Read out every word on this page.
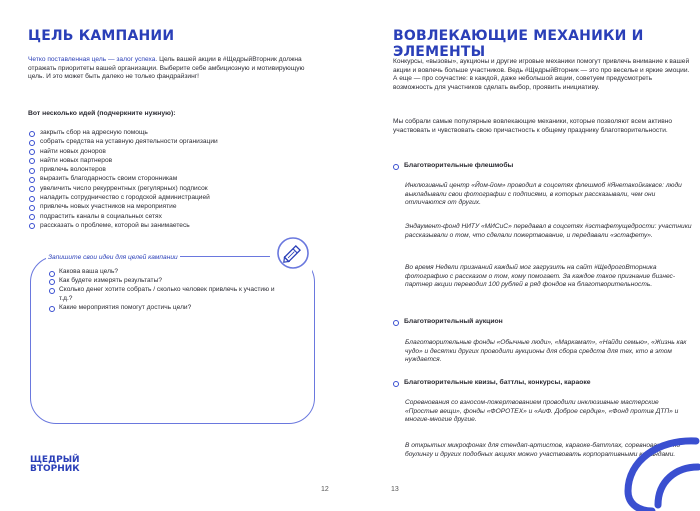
ЦЕЛЬ КАМПАНИИ
Четко поставленная цель — залог успеха. Цель вашей акции в #ЩедрыйВторник должна отражать приоритеты вашей организации. Выберите себе амбициозную и мотивирующую цель. И это может быть далеко не только фандрайзинг!
Вот несколько идей (подчеркните нужную):
закрыть сбор на адресную помощь
собрать средства на уставную деятельности организации
найти новых доноров
найти новых партнеров
привлечь волонтеров
выразить благодарность своим сторонникам
увеличить число рекуррентных (регулярных) подписок
наладить сотрудничество с городской администрацией
привлечь новых участников на мероприятие
подрастить каналы в социальных сетях
рассказать о проблеме, которой вы занимаетесь
Запишите свои идеи для целей кампании
Какова ваша цель?
Как будете измерять результаты?
Сколько денег хотите собрать / сколько человек привлечь к участию и т.д.?
Какие мероприятия помогут достичь цели?
ЩЕДРЫЙ
ВТОРНИК
12
ВОВЛЕКАЮЩИЕ МЕХАНИКИ И ЭЛЕМЕНТЫ
Конкурсы, «вызовы», аукционы и другие игровые механики помогут привлечь внимание к вашей акции и вовлечь больше участников. Ведь #ЩедрыйВторник — это про веселье и яркие эмоции. А еще — про соучастие: в каждой, даже небольшой акции, советуем предусмотреть возможность для участников сделать выбор, проявить инициативу.
Мы собрали самые популярные вовлекающие механики, которые позволяют всем активно участвовать и чувствовать свою причастность к общему празднику благотворительности.
Благотворительные флешмобы
Инклюзивный центр «Йом-йом» проводил в соцсетях флешмоб #Янетакойкаквсе: люди выкладывали свои фотографии с подписями, в которых рассказывали, чем они отличаются от других.
Эндаумент-фонд НИТУ «МИСиС» передавал в соцсетях #эстафетущедрости: участники рассказывали о том, что сделали пожертвование, и передавали «эстафету».
Во время Недели признаний каждый мог загрузить на сайт #ЩедрогоВторника фотографию с рассказом о том, кому помогает. За каждое такое признание бизнес-партнер акции переводил 100 рублей в ряд фондов на благотворительность.
Благотворительный аукцион
Благотворительные фонды «Обычные люди», «Маркамат», «Найди семью», «Жизнь как чудо» и десятки других проводили аукционы для сбора средств для тех, кто в этом нуждается.
Благотворительные квизы, баттлы, конкурсы, караоке
Соревнования со взносом-пожертвованием проводили инклюзивные мастерские «Простые вещи», фонды «ФОРОТЕХ» и «АиФ. Доброе сердце», «Фонд против ДТП» и многие-многие другие.
В открытых микрофонах для стендап-артистов, караоке-баттлах, соревнованиях по боулингу и других подобных акциях можно участвовать корпоративными командами.
13
